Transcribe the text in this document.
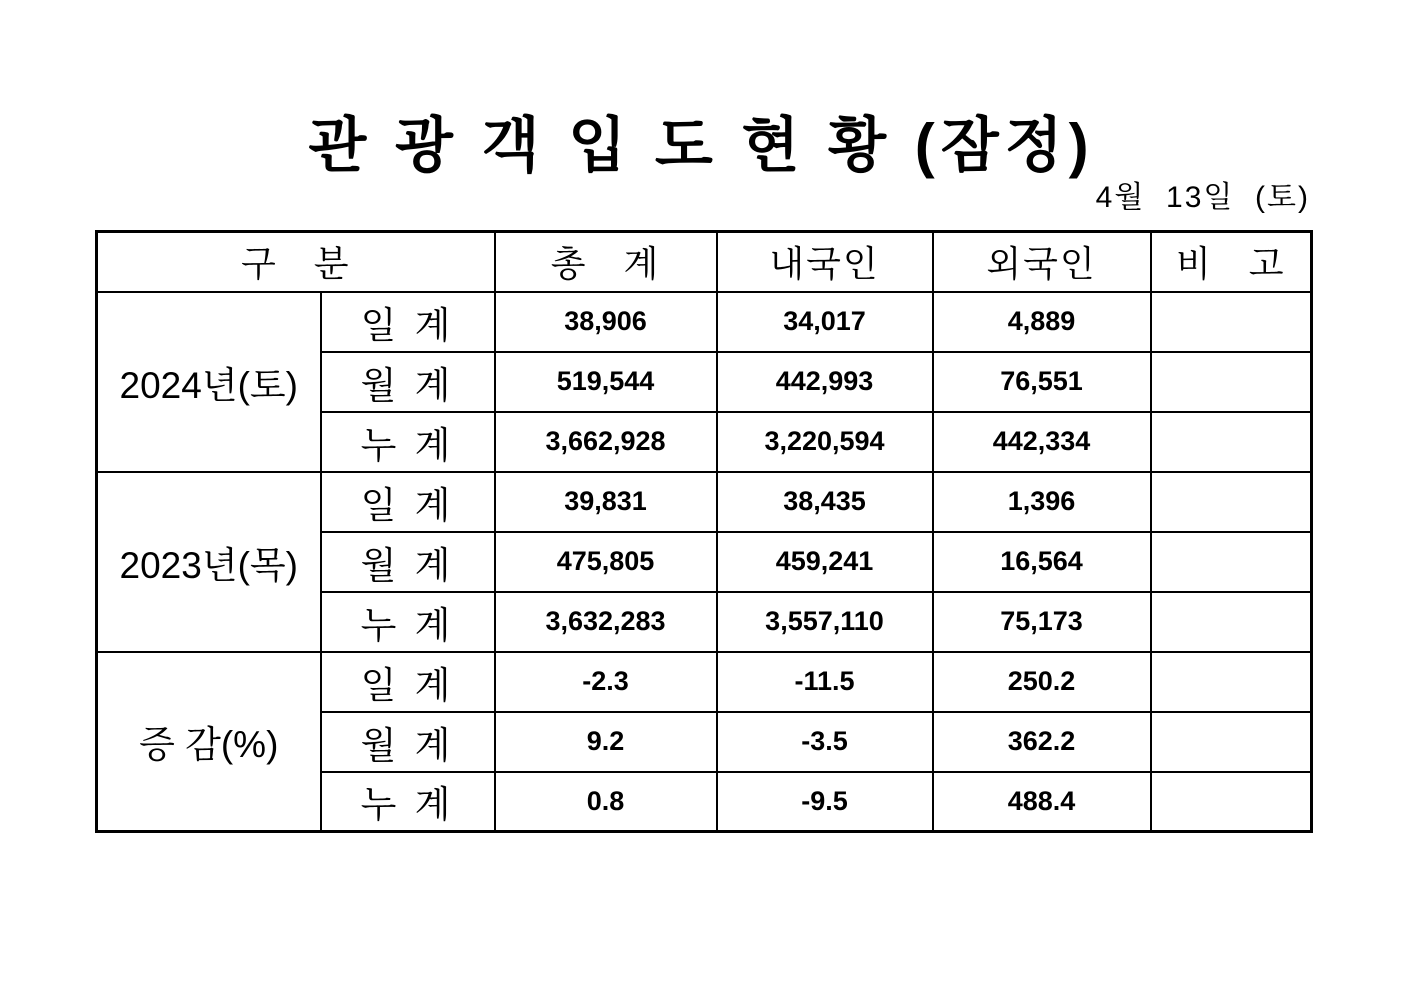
관 광 객 입 도 현 황 (잠정)
4월  13일  (토)
구   분		총   계	내국인	외국인	비   고
2024년(토)	일 계	38,906	34,017	4,889	
	월 계	519,544	442,993	76,551	
	누 계	3,662,928	3,220,594	442,334	
2023년(목)	일 계	39,831	38,435	1,396	
	월 계	475,805	459,241	16,564	
	누 계	3,632,283	3,557,110	75,173	
증 감(%)	일 계	-2.3	-11.5	250.2	
	월 계	9.2	-3.5	362.2	
	누 계	0.8	-9.5	488.4	
